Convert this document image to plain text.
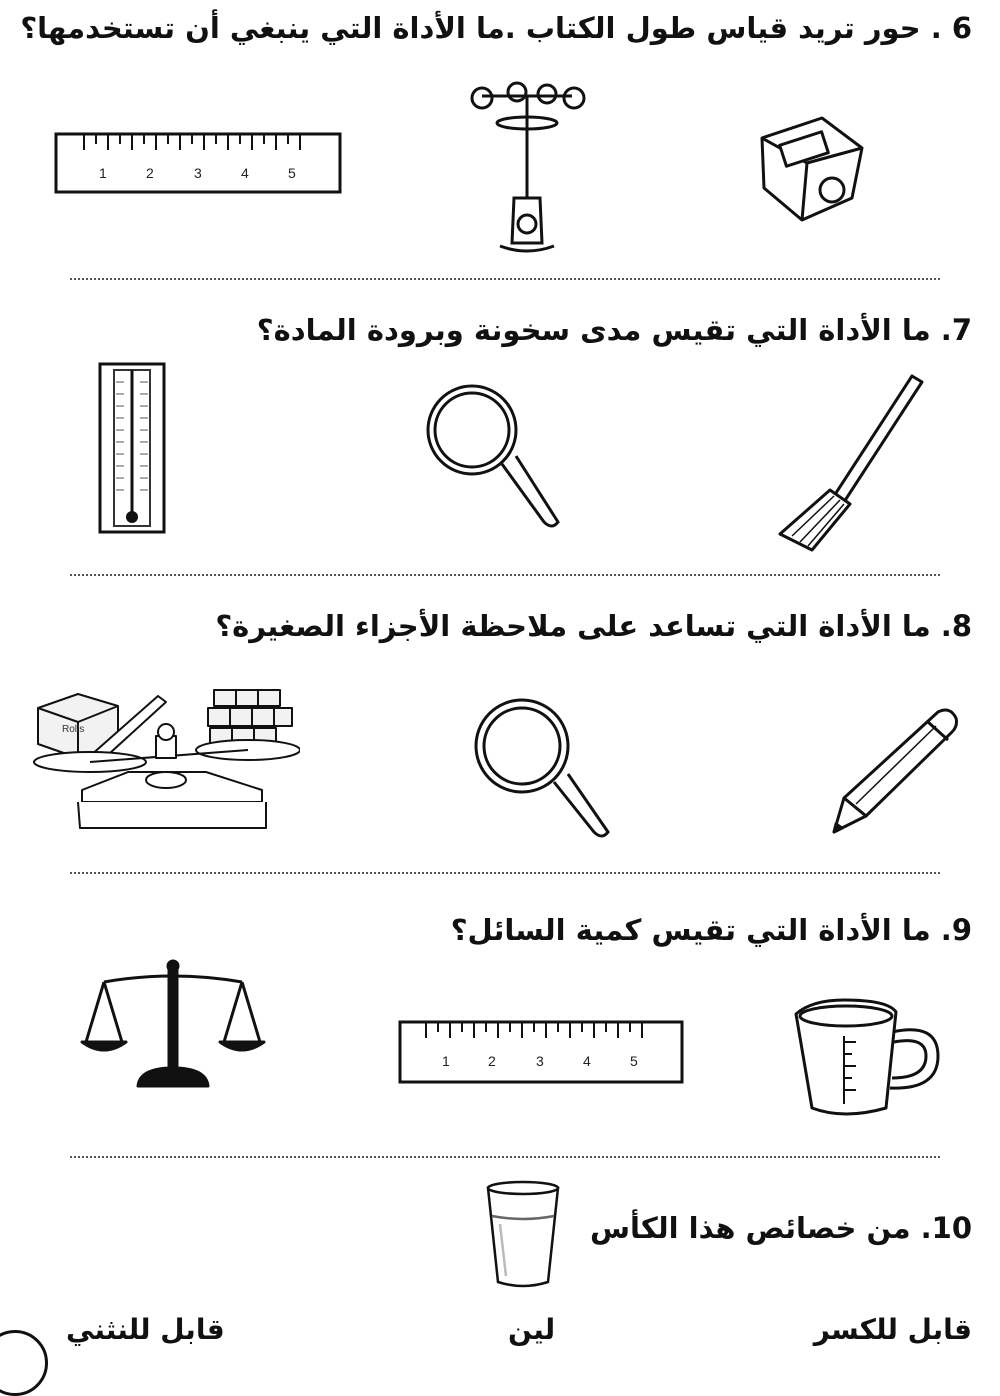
6 . حور تريد قياس طول الكتاب .ما الأداة التي ينبغي أن تستخدمها؟
1	2	3	4	5
7. ما الأداة التي تقيس مدى سخونة وبرودة المادة؟
8. ما الأداة التي تساعد على ملاحظة الأجزاء الصغيرة؟
Rolls
9. ما الأداة التي تقيس كمية السائل؟
1	2	3	4	5
10. من خصائص هذا الكأس
قابل للكسر
لين
قابل للنثني
